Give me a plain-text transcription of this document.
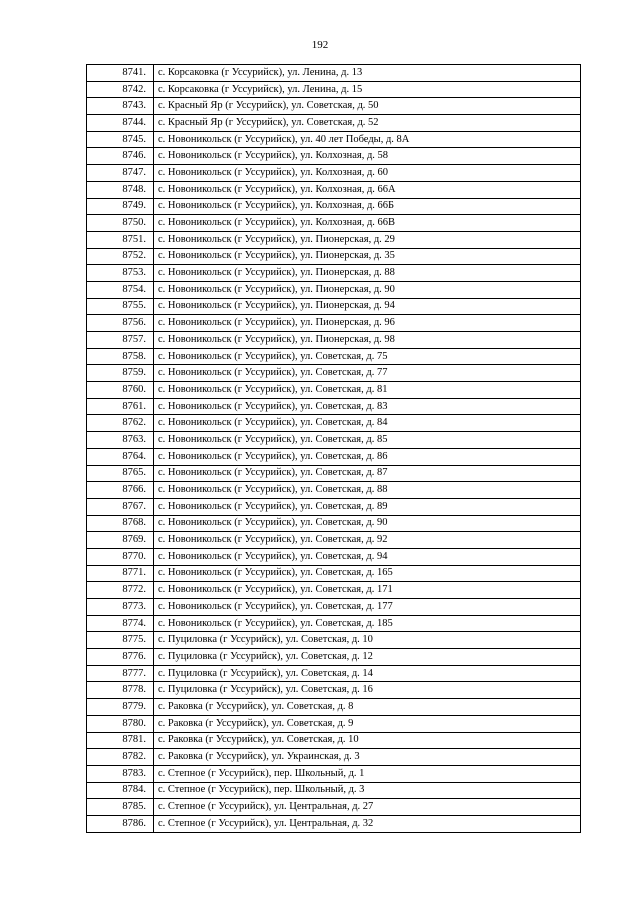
192
8741.	с. Корсаковка (г Уссурийск), ул. Ленина, д. 13
8742.	с. Корсаковка (г Уссурийск), ул. Ленина, д. 15
8743.	с. Красный Яр (г Уссурийск), ул. Советская, д. 50
8744.	с. Красный Яр (г Уссурийск), ул. Советская, д. 52
8745.	с. Новоникольск (г Уссурийск), ул. 40 лет Победы, д. 8А
8746.	с. Новоникольск (г Уссурийск), ул. Колхозная, д. 58
8747.	с. Новоникольск (г Уссурийск), ул. Колхозная, д. 60
8748.	с. Новоникольск (г Уссурийск), ул. Колхозная, д. 66А
8749.	с. Новоникольск (г Уссурийск), ул. Колхозная, д. 66Б
8750.	с. Новоникольск (г Уссурийск), ул. Колхозная, д. 66В
8751.	с. Новоникольск (г Уссурийск), ул. Пионерская, д. 29
8752.	с. Новоникольск (г Уссурийск), ул. Пионерская, д. 35
8753.	с. Новоникольск (г Уссурийск), ул. Пионерская, д. 88
8754.	с. Новоникольск (г Уссурийск), ул. Пионерская, д. 90
8755.	с. Новоникольск (г Уссурийск), ул. Пионерская, д. 94
8756.	с. Новоникольск (г Уссурийск), ул. Пионерская, д. 96
8757.	с. Новоникольск (г Уссурийск), ул. Пионерская, д. 98
8758.	с. Новоникольск (г Уссурийск), ул. Советская, д. 75
8759.	с. Новоникольск (г Уссурийск), ул. Советская, д. 77
8760.	с. Новоникольск (г Уссурийск), ул. Советская, д. 81
8761.	с. Новоникольск (г Уссурийск), ул. Советская, д. 83
8762.	с. Новоникольск (г Уссурийск), ул. Советская, д. 84
8763.	с. Новоникольск (г Уссурийск), ул. Советская, д. 85
8764.	с. Новоникольск (г Уссурийск), ул. Советская, д. 86
8765.	с. Новоникольск (г Уссурийск), ул. Советская, д. 87
8766.	с. Новоникольск (г Уссурийск), ул. Советская, д. 88
8767.	с. Новоникольск (г Уссурийск), ул. Советская, д. 89
8768.	с. Новоникольск (г Уссурийск), ул. Советская, д. 90
8769.	с. Новоникольск (г Уссурийск), ул. Советская, д. 92
8770.	с. Новоникольск (г Уссурийск), ул. Советская, д. 94
8771.	с. Новоникольск (г Уссурийск), ул. Советская, д. 165
8772.	с. Новоникольск (г Уссурийск), ул. Советская, д. 171
8773.	с. Новоникольск (г Уссурийск), ул. Советская, д. 177
8774.	с. Новоникольск (г Уссурийск), ул. Советская, д. 185
8775.	с. Пуциловка (г Уссурийск), ул. Советская, д. 10
8776.	с. Пуциловка (г Уссурийск), ул. Советская, д. 12
8777.	с. Пуциловка (г Уссурийск), ул. Советская, д. 14
8778.	с. Пуциловка (г Уссурийск), ул. Советская, д. 16
8779.	с. Раковка (г Уссурийск), ул. Советская, д. 8
8780.	с. Раковка (г Уссурийск), ул. Советская, д. 9
8781.	с. Раковка (г Уссурийск), ул. Советская, д. 10
8782.	с. Раковка (г Уссурийск), ул. Украинская, д. 3
8783.	с. Степное (г Уссурийск), пер. Школьный, д. 1
8784.	с. Степное (г Уссурийск), пер. Школьный, д. 3
8785.	с. Степное (г Уссурийск), ул. Центральная, д. 27
8786.	с. Степное (г Уссурийск), ул. Центральная, д. 32
